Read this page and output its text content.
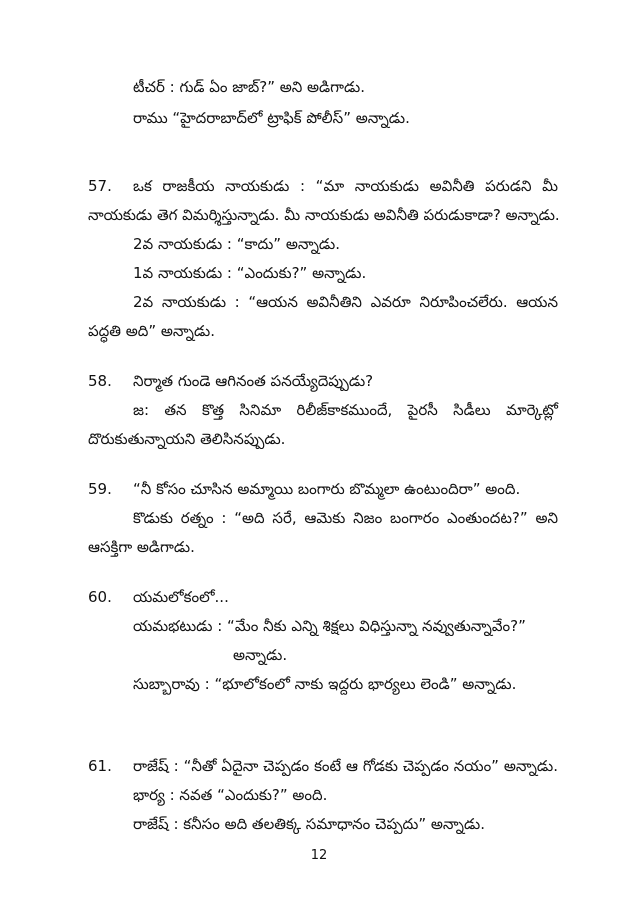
టీచర్ : గుడ్ ఏం జాబ్?” అని అడిగాడు.
రాము “హైదరాబాద్‌లో ట్రాఫిక్ పోలీస్” అన్నాడు.
57. ఒక రాజకీయ నాయకుడు : “మా నాయకుడు అవినీతి పరుడని మీ
నాయకుడు తెగ విమర్శిస్తున్నాడు. మీ నాయకుడు అవినీతి పరుడుకాడా? అన్నాడు.
2వ నాయకుడు : “కాదు” అన్నాడు.
1వ నాయకుడు : “ఎందుకు?” అన్నాడు.
2వ నాయకుడు : “ఆయన అవినీతిని ఎవరూ నిరూపించలేరు. ఆయన
పద్ధతి అది” అన్నాడు.
58. నిర్మాత గుండె ఆగినంత పనయ్యేదెప్పుడు?
జ: తన కొత్త సినిమా రిలీజ్‌కాకముందే, పైరసీ సిడీలు మార్కెట్లో
దొరుకుతున్నాయని తెలిసినప్పుడు.
59. “నీ కోసం చూసిన అమ్మాయి బంగారు బొమ్మలా ఉంటుందిరా” అంది.
కొడుకు రత్నం : “అది సరే, ఆమెకు నిజం బంగారం ఎంతుందట?” అని
ఆసక్తిగా అడిగాడు.
60. యమలోకంలో...
యమభటుడు : “మేం నీకు ఎన్ని శిక్షలు విధిస్తున్నా నవ్వుతున్నావేం?”
అన్నాడు.
సుబ్బారావు : “భూలోకంలో నాకు ఇద్దరు భార్యలు లెండి” అన్నాడు.
61. రాజేష్ : “నీతో ఏదైనా చెప్పడం కంటే ఆ గోడకు చెప్పడం నయం” అన్నాడు.
భార్య : నవత “ఎందుకు?” అంది.
రాజేష్ : కనీసం అది తలతిక్క సమాధానం చెప్పదు” అన్నాడు.
12
